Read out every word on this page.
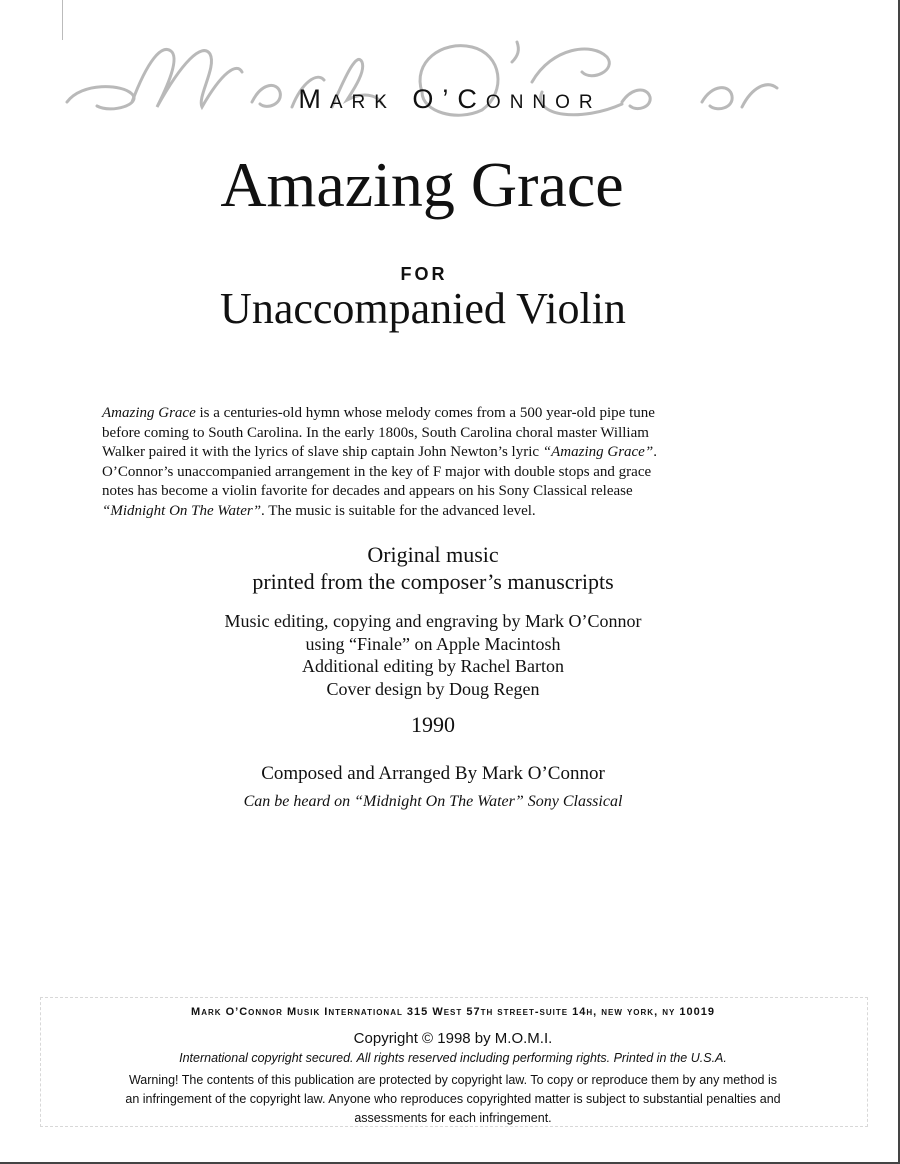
Mark O’Connor
Amazing Grace
FOR
Unaccompanied Violin
Amazing Grace is a centuries-old hymn whose melody comes from a 500 year-old pipe tune
before coming to South Carolina. In the early 1800s, South Carolina choral master William
Walker paired it with the lyrics of slave ship captain John Newton’s lyric “Amazing Grace”.
O’Connor’s unaccompanied arrangement in the key of F major with double stops and grace
notes has become a violin favorite for decades and appears on his Sony Classical release
“Midnight On The Water”. The music is suitable for the advanced level.
Original music
printed from the composer’s manuscripts
Music editing, copying and engraving by Mark O’Connor
using “Finale” on Apple Macintosh
Additional editing by Rachel Barton
Cover design by Doug Regen
1990
Composed and Arranged By Mark O’Connor
Can be heard on “Midnight On The Water” Sony Classical
Mark O’Connor Musik International 315 West 57th street-suite 14h, new york, ny 10019
Copyright © 1998 by M.O.M.I.
International copyright secured. All rights reserved including performing rights. Printed in the U.S.A.
Warning! The contents of this publication are protected by copyright law. To copy or reproduce them by any method is
an infringement of the copyright law. Anyone who reproduces copyrighted matter is subject to substantial penalties and
assessments for each infringement.
